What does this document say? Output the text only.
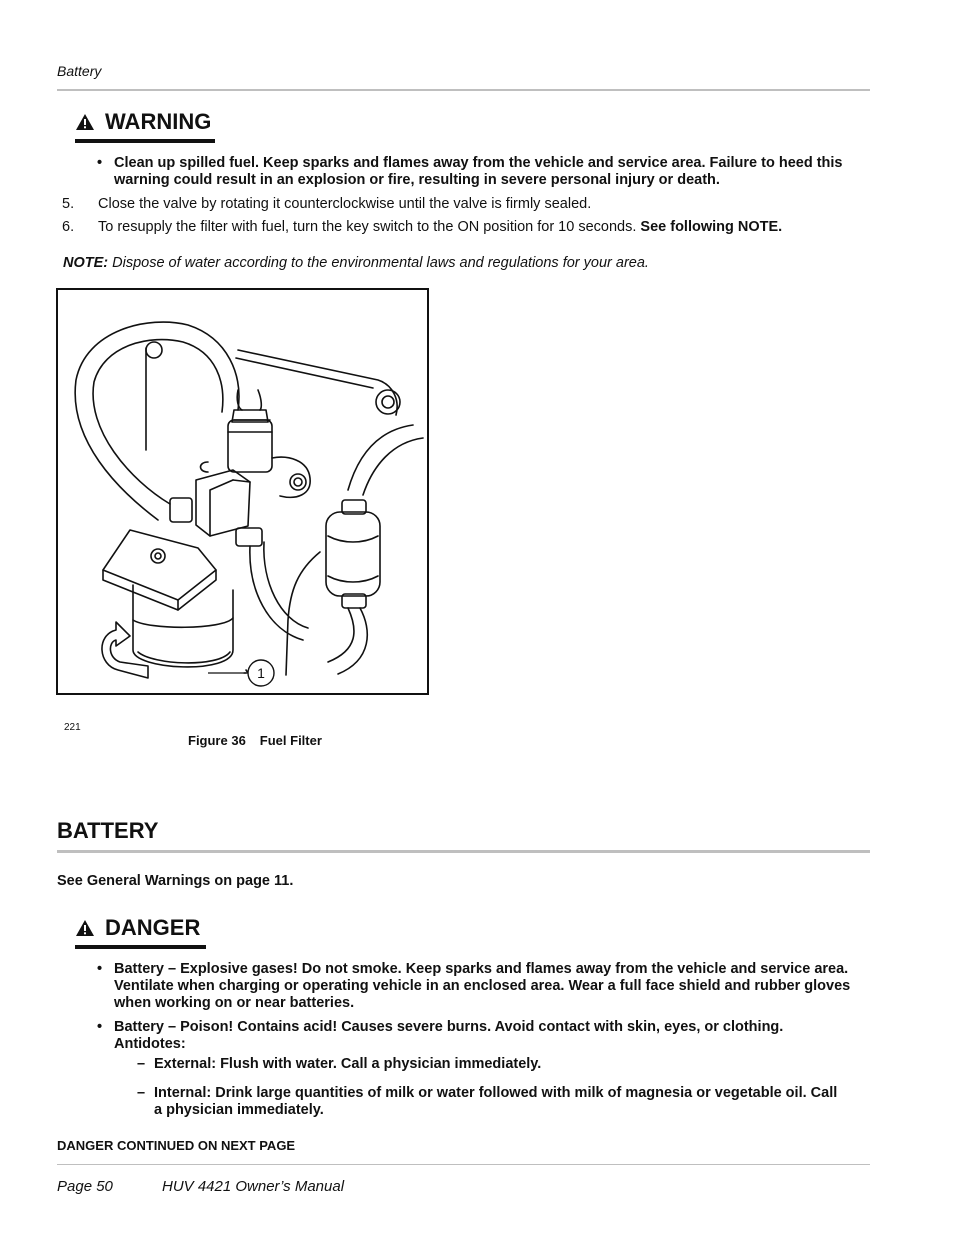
Battery
WARNING
• Clean up spilled fuel. Keep sparks and flames away from the vehicle and service area. Failure to heed this warning could result in an explosion or fire, resulting in severe personal injury or death.
5. Close the valve by rotating it counterclockwise until the valve is firmly sealed.
6. To resupply the filter with fuel, turn the key switch to the ON position for 10 seconds. See following NOTE.
NOTE: Dispose of water according to the environmental laws and regulations for your area.
1
221
Figure 36 Fuel Filter
BATTERY
See General Warnings on page 11.
DANGER
• Battery – Explosive gases! Do not smoke. Keep sparks and flames away from the vehicle and service area. Ventilate when charging or operating vehicle in an enclosed area. Wear a full face shield and rubber gloves when working on or near batteries.
• Battery – Poison! Contains acid! Causes severe burns. Avoid contact with skin, eyes, or clothing. Antidotes:
– External: Flush with water. Call a physician immediately.
– Internal: Drink large quantities of milk or water followed with milk of magnesia or vegetable oil. Call a physician immediately.
DANGER CONTINUED ON NEXT PAGE
Page 50	HUV 4421 Owner’s Manual
